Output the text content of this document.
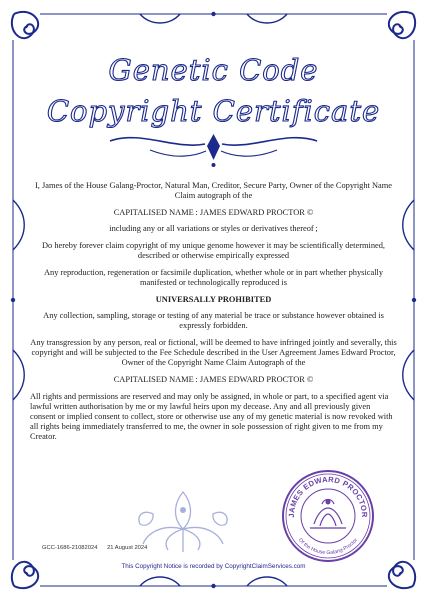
Genetic Code
Copyright Certificate

I, James of the House Galang-Proctor, Natural Man, Creditor, Secure Party, Owner of the Copyright Name Claim autograph of the

CAPITALISED NAME : JAMES EDWARD PROCTOR ©

including any or all variations or styles or derivatives thereof ;

Do hereby forever claim copyright of my unique genome however it may be scientifically determined, described or otherwise empirically expressed

Any reproduction, regeneration or facsimile duplication, whether whole or in part whether physically manifested or technologically reproduced is

UNIVERSALLY PROHIBITED

Any collection, sampling, storage or testing of any material be trace or substance however obtained is expressly forbidden.

Any transgression by any person, real or fictional, will be deemed to have infringed jointly and severally, this copyright and will be subjected to the Fee Schedule described in the User Agreement James Edward Proctor, Owner of the Copyright Name Claim Autograph of the

CAPITALISED NAME : JAMES EDWARD PROCTOR ©

All rights and permissions are reserved and may only be assigned, in whole or part, to a specified agent via lawful written authorisation by me or my lawful heirs upon my decease. Any and all previously given consent or implied consent to collect, store or otherwise use any of my genetic material is now revoked with all rights being immediately transferred to me, the owner in sole possession of right given to me from my Creator.

JAMES EDWARD PROCTOR
Of the House Galang-Proctor
GCC-1686-21082024 21 August 2024
This Copyright Notice is recorded by CopyrightClaimServices.com
